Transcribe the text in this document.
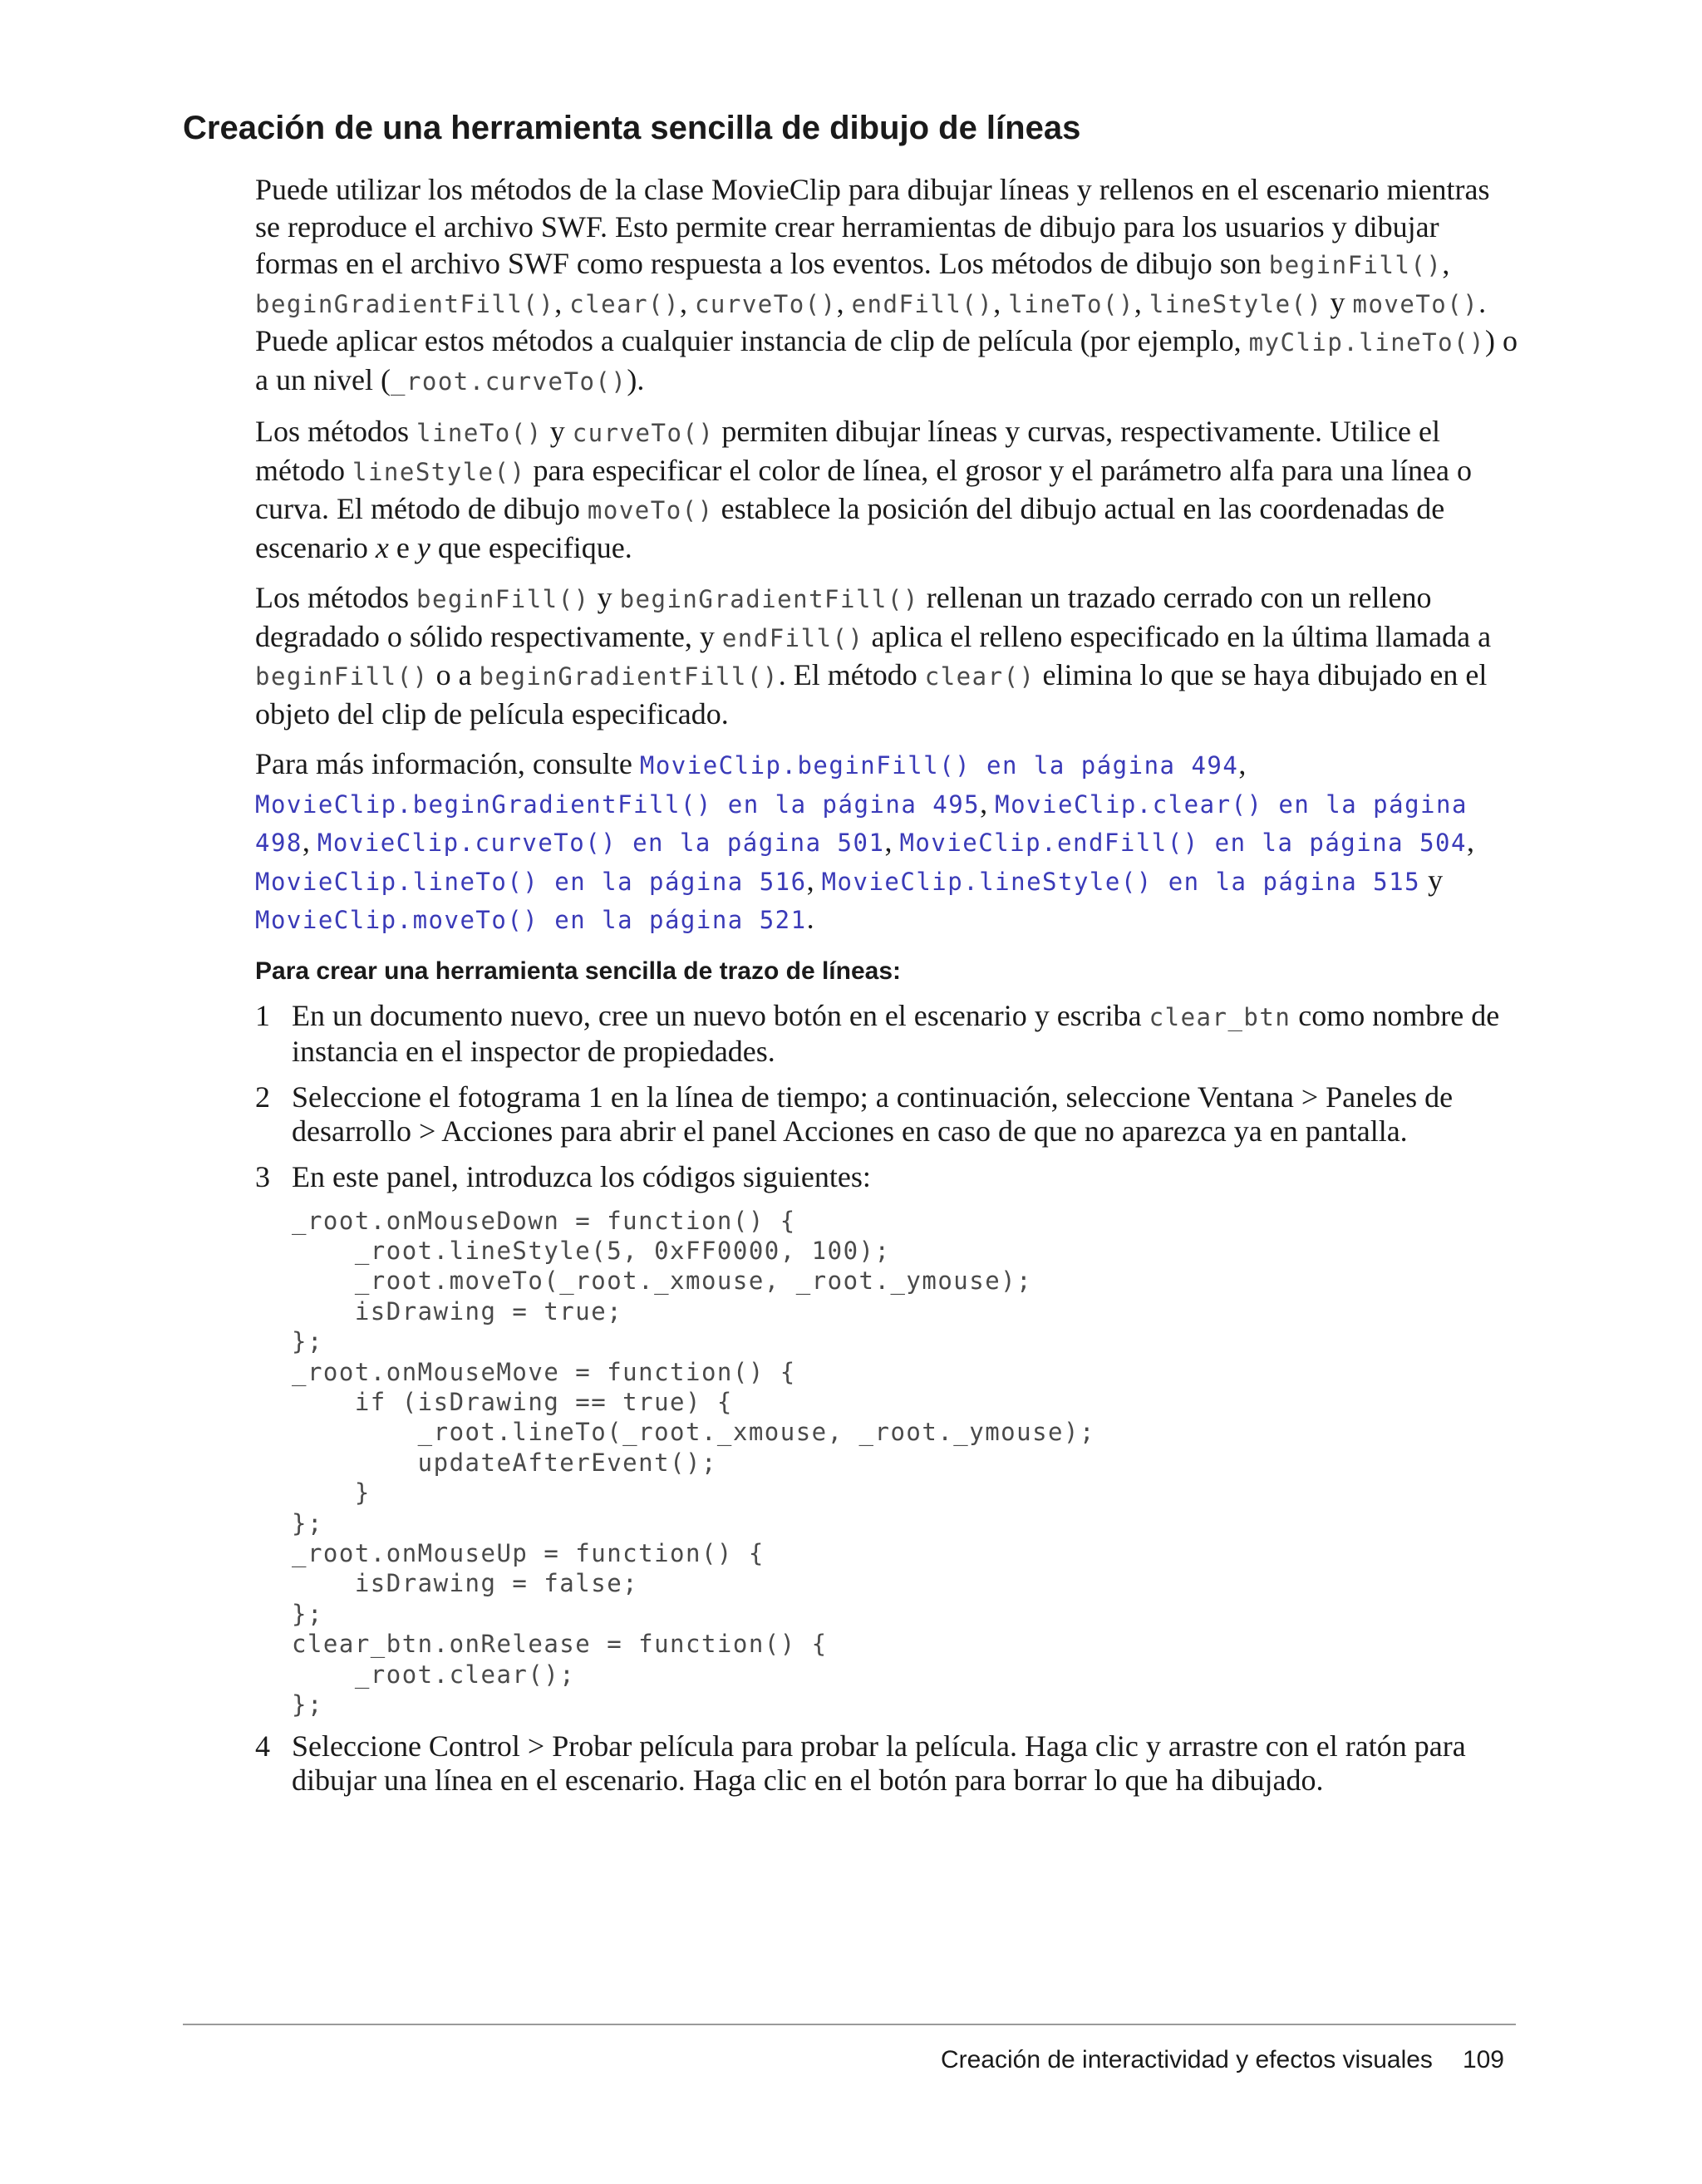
Creación de una herramienta sencilla de dibujo de líneas

Puede utilizar los métodos de la clase MovieClip para dibujar líneas y rellenos en el escenario mientras se reproduce el archivo SWF. Esto permite crear herramientas de dibujo para los usuarios y dibujar formas en el archivo SWF como respuesta a los eventos. Los métodos de dibujo son beginFill(), beginGradientFill(), clear(), curveTo(), endFill(), lineTo(), lineStyle() y moveTo(). Puede aplicar estos métodos a cualquier instancia de clip de película (por ejemplo, myClip.lineTo()) o a un nivel (_root.curveTo()).

Los métodos lineTo() y curveTo() permiten dibujar líneas y curvas, respectivamente. Utilice el método lineStyle() para especificar el color de línea, el grosor y el parámetro alfa para una línea o curva. El método de dibujo moveTo() establece la posición del dibujo actual en las coordenadas de escenario x e y que especifique.

Los métodos beginFill() y beginGradientFill() rellenan un trazado cerrado con un relleno degradado o sólido respectivamente, y endFill() aplica el relleno especificado en la última llamada a beginFill() o a beginGradientFill(). El método clear() elimina lo que se haya dibujado en el objeto del clip de película especificado.

Para más información, consulte MovieClip.beginFill() en la página 494, MovieClip.beginGradientFill() en la página 495, MovieClip.clear() en la página 498, MovieClip.curveTo() en la página 501, MovieClip.endFill() en la página 504, MovieClip.lineTo() en la página 516, MovieClip.lineStyle() en la página 515 y MovieClip.moveTo() en la página 521.

Para crear una herramienta sencilla de trazo de líneas:
1 En un documento nuevo, cree un nuevo botón en el escenario y escriba clear_btn como nombre de instancia en el inspector de propiedades.
2 Seleccione el fotograma 1 en la línea de tiempo; a continuación, seleccione Ventana > Paneles de desarrollo > Acciones para abrir el panel Acciones en caso de que no aparezca ya en pantalla.
3 En este panel, introduzca los códigos siguientes:
_root.onMouseDown = function() {
_root.lineStyle(5, 0xFF0000, 100);
_root.moveTo(_root._xmouse, _root._ymouse);
isDrawing = true;
};
_root.onMouseMove = function() {
if (isDrawing == true) {
_root.lineTo(_root._xmouse, _root._ymouse);
updateAfterEvent();
}
};
_root.onMouseUp = function() {
isDrawing = false;
};
clear_btn.onRelease = function() {
_root.clear();
};
4 Seleccione Control > Probar película para probar la película. Haga clic y arrastre con el ratón para dibujar una línea en el escenario. Haga clic en el botón para borrar lo que ha dibujado.
Creación de interactividad y efectos visuales 109
